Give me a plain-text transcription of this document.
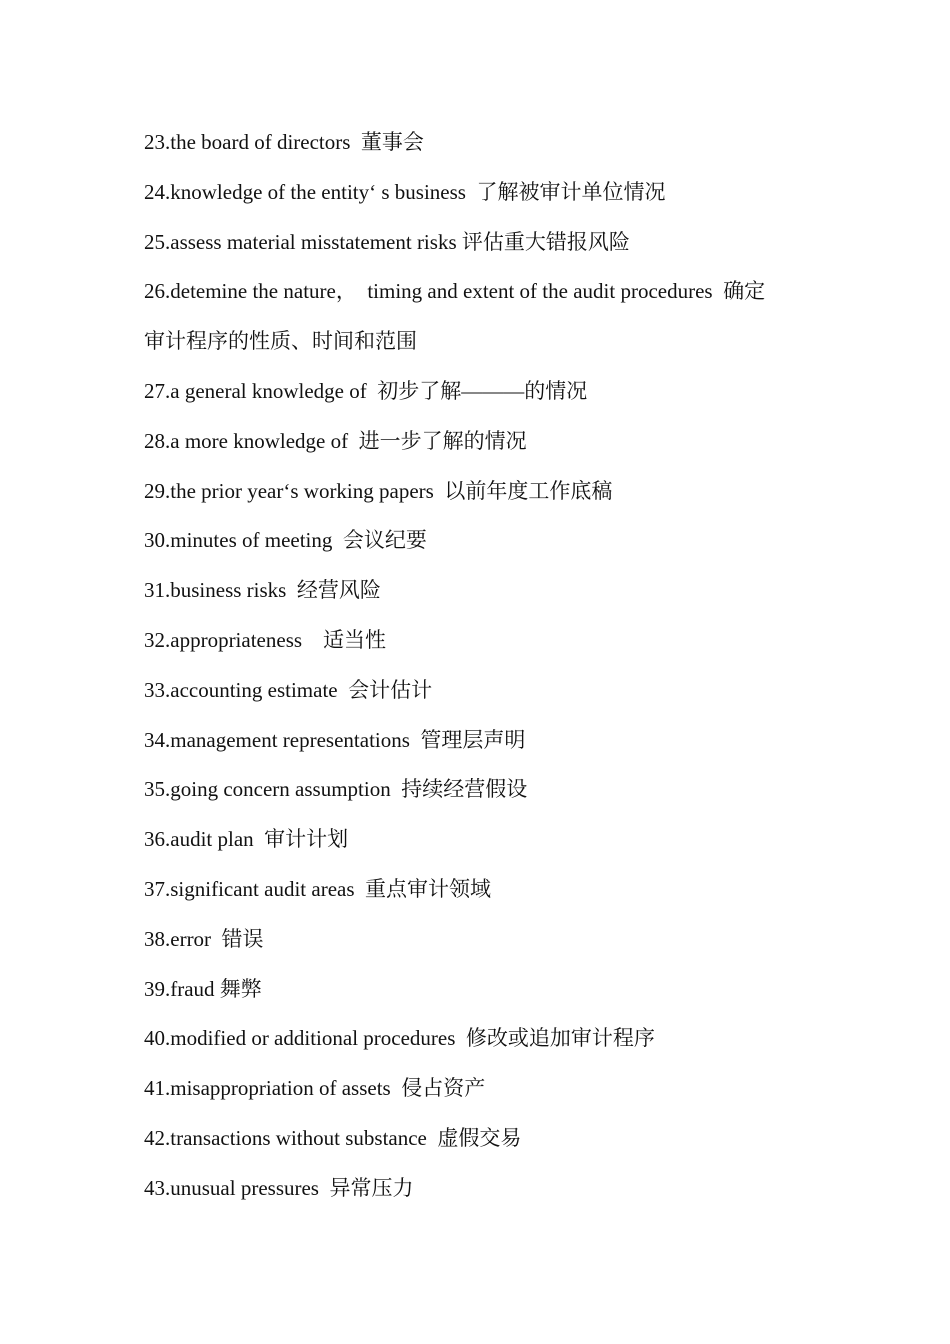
23.the board of directors  董事会
24.knowledge of the entity‘ s business  了解被审计单位情况
25.assess material misstatement risks 评估重大错报风险
26.detemine the nature，  timing and extent of the audit procedures  确定
审计程序的性质、时间和范围
27.a general knowledge of  初步了解———的情况
28.a more knowledge of  进一步了解的情况
29.the prior year‘s working papers  以前年度工作底稿
30.minutes of meeting  会议纪要
31.business risks  经营风险
32.appropriateness    适当性
33.accounting estimate  会计估计
34.management representations  管理层声明
35.going concern assumption  持续经营假设
36.audit plan  审计计划
37.significant audit areas  重点审计领域
38.error  错误
39.fraud 舞弊
40.modified or additional procedures  修改或追加审计程序
41.misappropriation of assets  侵占资产
42.transactions without substance  虚假交易
43.unusual pressures  异常压力
